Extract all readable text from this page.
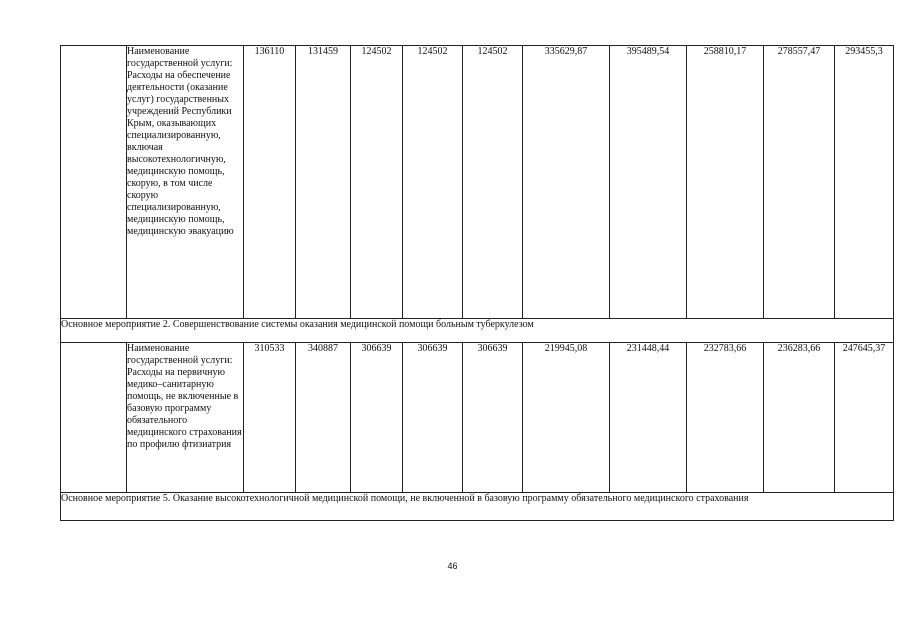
	Наименование государственной услуги: Расходы на обеспечение деятельности (оказание услуг) государственных учреждений Республики Крым, оказывающих специализированную, включая высокотехнологичную, медицинскую помощь, скорую, в том числе скорую специализированную, медицинскую помощь, медицинскую эвакуацию	136110	131459	124502	124502	124502	335629,87	395489,54	258810,17	278557,47	293455,3
Основное мероприятие 2. Совершенствование системы оказания медицинской помощи больным туберкулезом											
	Наименование государственной услуги: Расходы на первичную медико–санитарную помощь, не включенные в базовую программу обязательного медицинского страхования по профилю фтизиатрия	310533	340887	306639	306639	306639	219945,08	231448,44	232783,66	236283,66	247645,37
Основное мероприятие 5. Оказание высокотехнологичной медицинской помощи, не включенной в базовую программу обязательного медицинского страхования											
46
